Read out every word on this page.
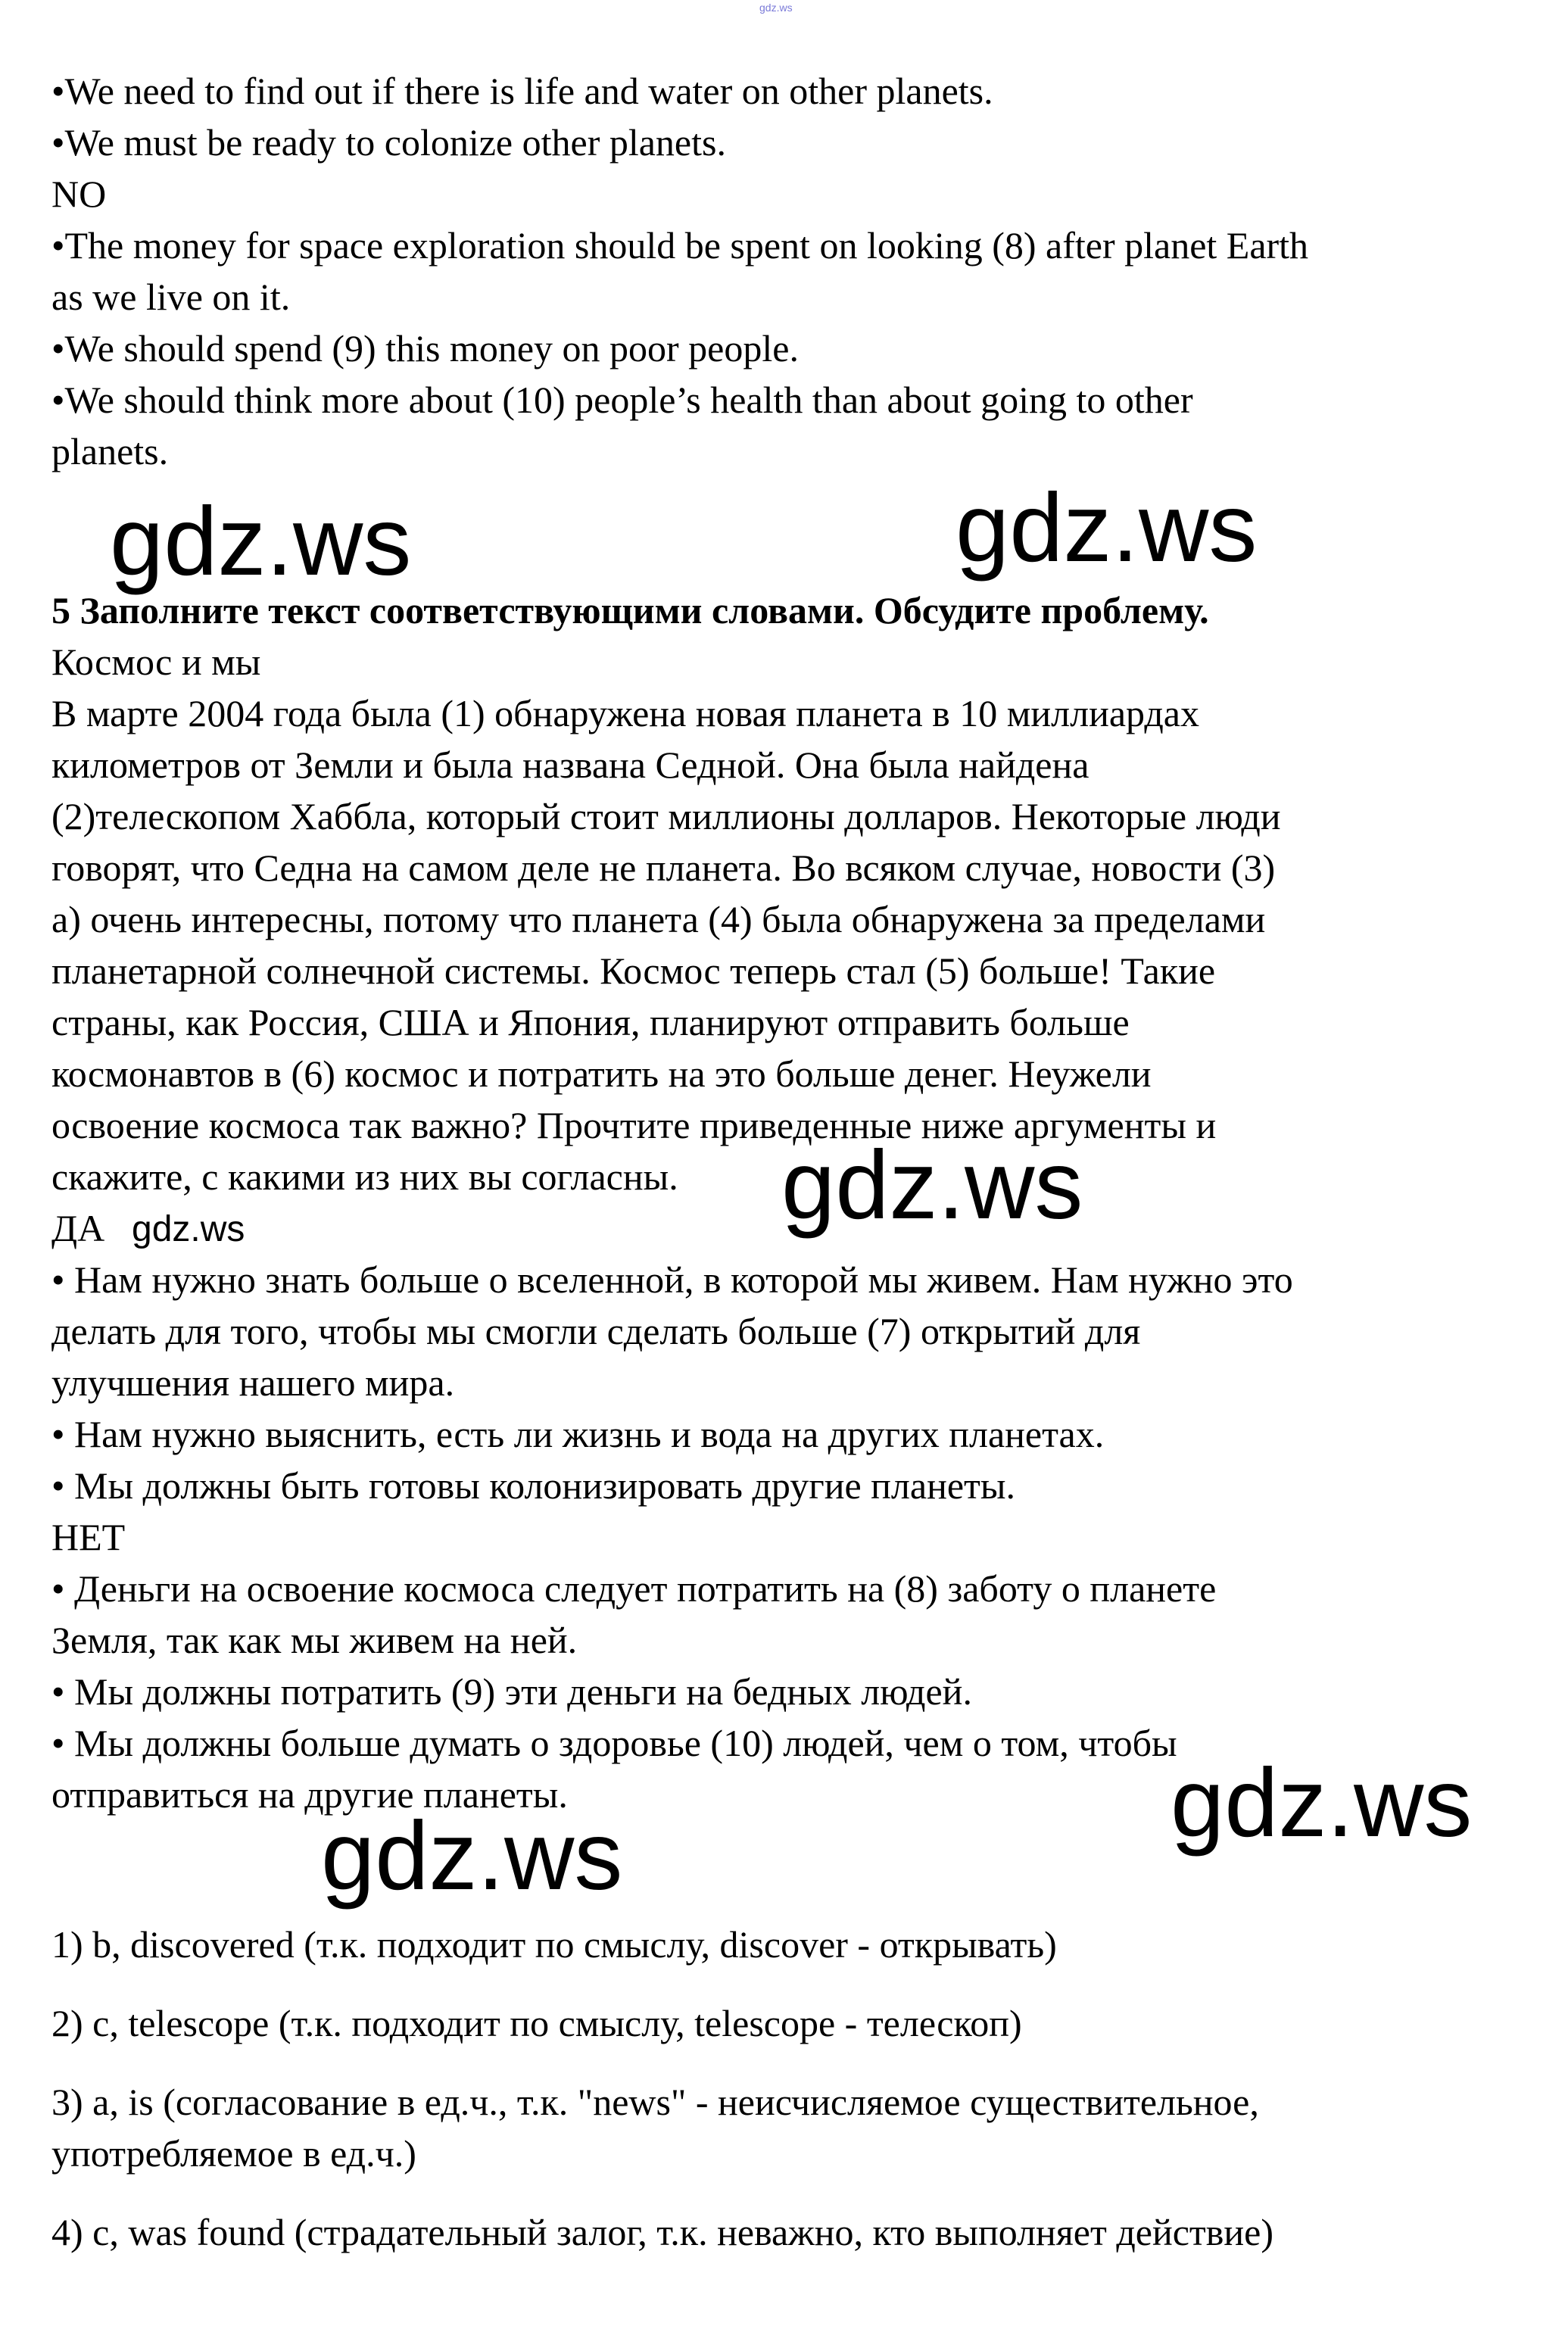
gdz.ws

•We need to find out if there is life and water on other planets.

•We must be ready to colonize other planets.

NO

•The money for space exploration should be spent on looking (8) after planet Earth

as we live on it.

•We should spend (9) this money on poor people.

•We should think more about (10) people’s health than about going to other

planets.

5 Заполните текст соответствующими словами. Обсудите проблему.

Космос и мы

В марте 2004 года была (1) обнаружена новая планета в 10 миллиардах

километров от Земли и была названа Седной. Она была найдена

(2)телескопом Хаббла, который стоит миллионы долларов. Некоторые люди

говорят, что Седна на самом деле не планета. Во всяком случае, новости (3)

а) очень интересны, потому что планета (4) была обнаружена за пределами

планетарной солнечной системы. Космос теперь стал (5) больше! Такие

страны, как Россия, США и Япония, планируют отправить больше

космонавтов в (6) космос и потратить на это больше денег. Неужели

освоение космоса так важно? Прочтите приведенные ниже аргументы и

скажите, с какими из них вы согласны.

ДА

• Нам нужно знать больше о вселенной, в которой мы живем. Нам нужно это

делать для того, чтобы мы смогли сделать больше (7) открытий для

улучшения нашего мира.

• Нам нужно выяснить, есть ли жизнь и вода на других планетах.

• Мы должны быть готовы колонизировать другие планеты.

НЕТ

• Деньги на освоение космоса следует потратить на (8) заботу о планете

Земля, так как мы живем на ней.

• Мы должны потратить (9) эти деньги на бедных людей.

• Мы должны больше думать о здоровье (10) людей, чем о том, чтобы

отправиться на другие планеты.

1) b, discovered (т.к. подходит по смыслу, discover - открывать)

2) c, telescope (т.к. подходит по смыслу, telescope - телескоп)

3) a, is (согласование в ед.ч., т.к. "news" - неисчисляемое существительное,

употребляемое в ед.ч.)

4) c, was found (страдательный залог, т.к. неважно, кто выполняет действие)

gdz.ws	gdz.ws
gdz.ws
gdz.ws
gdz.ws
gdz.ws
